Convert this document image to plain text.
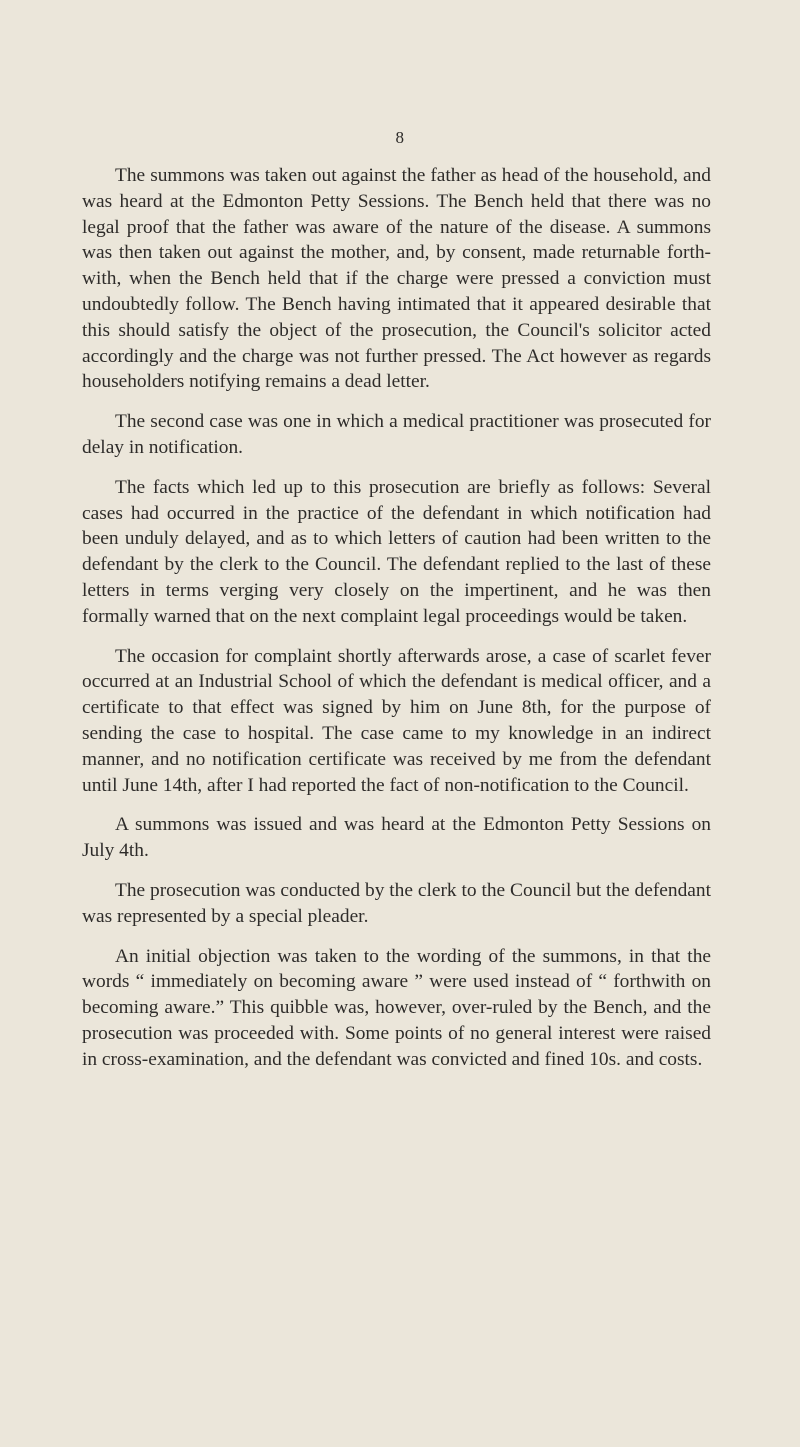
8

The summons was taken out against the father as head of the household, and was heard at the Edmonton Petty Sessions. The Bench held that there was no legal proof that the father was aware of the nature of the disease. A summons was then taken out against the mother, and, by consent, made returnable forthwith, when the Bench held that if the charge were pressed a conviction must undoubtedly follow. The Bench having intimated that it appeared desirable that this should satisfy the object of the prosecution, the Council's solicitor acted accordingly and the charge was not further pressed. The Act however as regards householders notifying remains a dead letter.

The second case was one in which a medical practitioner was prosecuted for delay in notification.

The facts which led up to this prosecution are briefly as follows: Several cases had occurred in the practice of the defendant in which notification had been unduly delayed, and as to which letters of caution had been written to the defendant by the clerk to the Council. The defendant replied to the last of these letters in terms verging very closely on the impertinent, and he was then formally warned that on the next complaint legal proceedings would be taken.

The occasion for complaint shortly afterwards arose, a case of scarlet fever occurred at an Industrial School of which the defendant is medical officer, and a certificate to that effect was signed by him on June 8th, for the purpose of sending the case to hospital. The case came to my knowledge in an indirect manner, and no notification certificate was received by me from the defendant until June 14th, after I had reported the fact of non-notification to the Council.

A summons was issued and was heard at the Edmonton Petty Sessions on July 4th.

The prosecution was conducted by the clerk to the Council but the defendant was represented by a special pleader.

An initial objection was taken to the wording of the summons, in that the words “ immediately on becoming aware ” were used instead of “ forthwith on becoming aware.” This quibble was, however, over-ruled by the Bench, and the prosecution was proceeded with. Some points of no general interest were raised in cross-examination, and the defendant was convicted and fined 10s. and costs.
